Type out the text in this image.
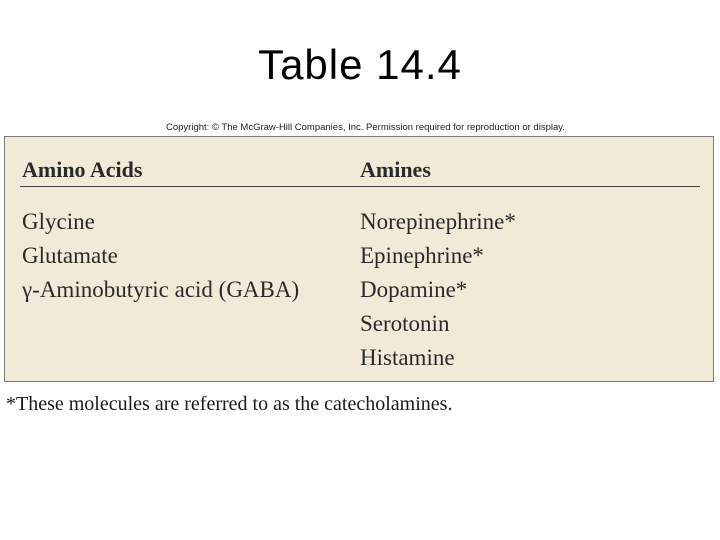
Table 14.4
Copyright: © The McGraw-Hill Companies, Inc. Permission required for reproduction or display.
Amino Acids	Amines
Glycine
Glutamate
γ-Aminobutyric acid (GABA)
Norepinephrine*
Epinephrine*
Dopamine*
Serotonin
Histamine
*These molecules are referred to as the catecholamines.
